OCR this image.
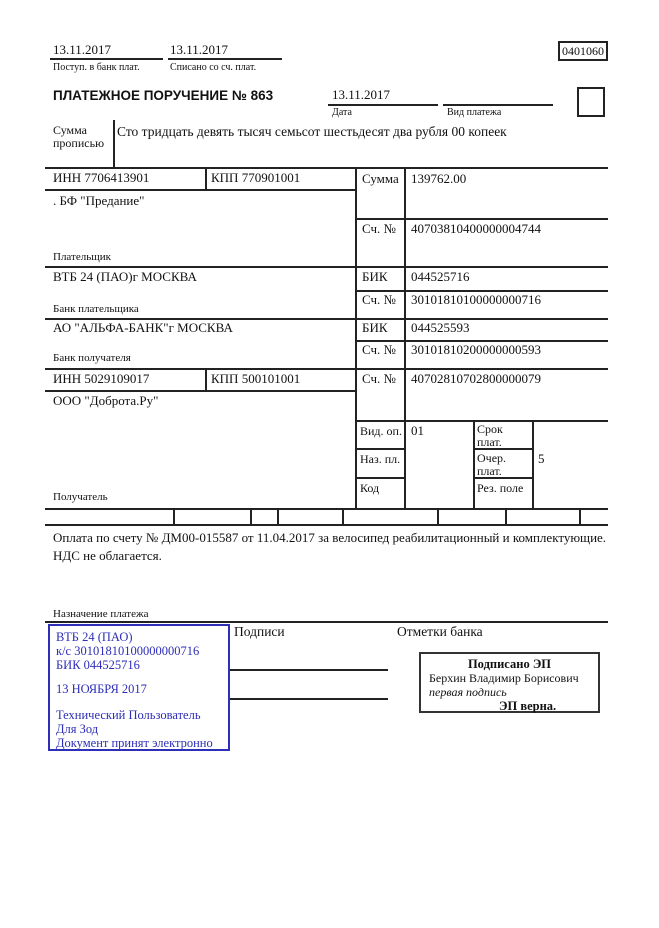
13.11.2017
Поступ. в банк плат.
13.11.2017
Списано со сч. плат.
0401060
ПЛАТЕЖНОЕ ПОРУЧЕНИЕ № 863	13.11.2017
Дата	Вид платежа
Сумма прописью
Сто тридцать девять тысяч семьсот шестьдесят два рубля 00 копеек
ИНН 7706413901	КПП 770901001
. БФ "Предание"
Плательщик
Сумма 139762.00
Сч. № 40703810400000004744
ВТБ 24 (ПАО)г МОСКВА
Банк плательщика
БИК 044525716
Сч. № 30101810100000000716
АО "АЛЬФА-БАНК"г МОСКВА
Банк получателя
БИК 044525593
Сч. № 30101810200000000593
ИНН 5029109017	КПП 500101001	Сч. № 40702810702800000079
ООО "Доброта.Ру"
Получатель
Вид. оп. 01	Срок плат.
Наз. пл.	Очер. плат.
5
Код	Рез. поле
Оплата по счету № ДМ00-015587 от 11.04.2017 за велосипед реабилитационный и комплектующие.
НДС не облагается.
Назначение платежа
Подписи	Отметки банка
ВТБ 24 (ПАО)
к/с 30101810100000000716
БИК 044525716
13 НОЯБРЯ 2017
Технический Пользователь Для Зод
Документ принят электронно
Подписано ЭП
Берхин Владимир Борисович
первая подпись
ЭП верна.
